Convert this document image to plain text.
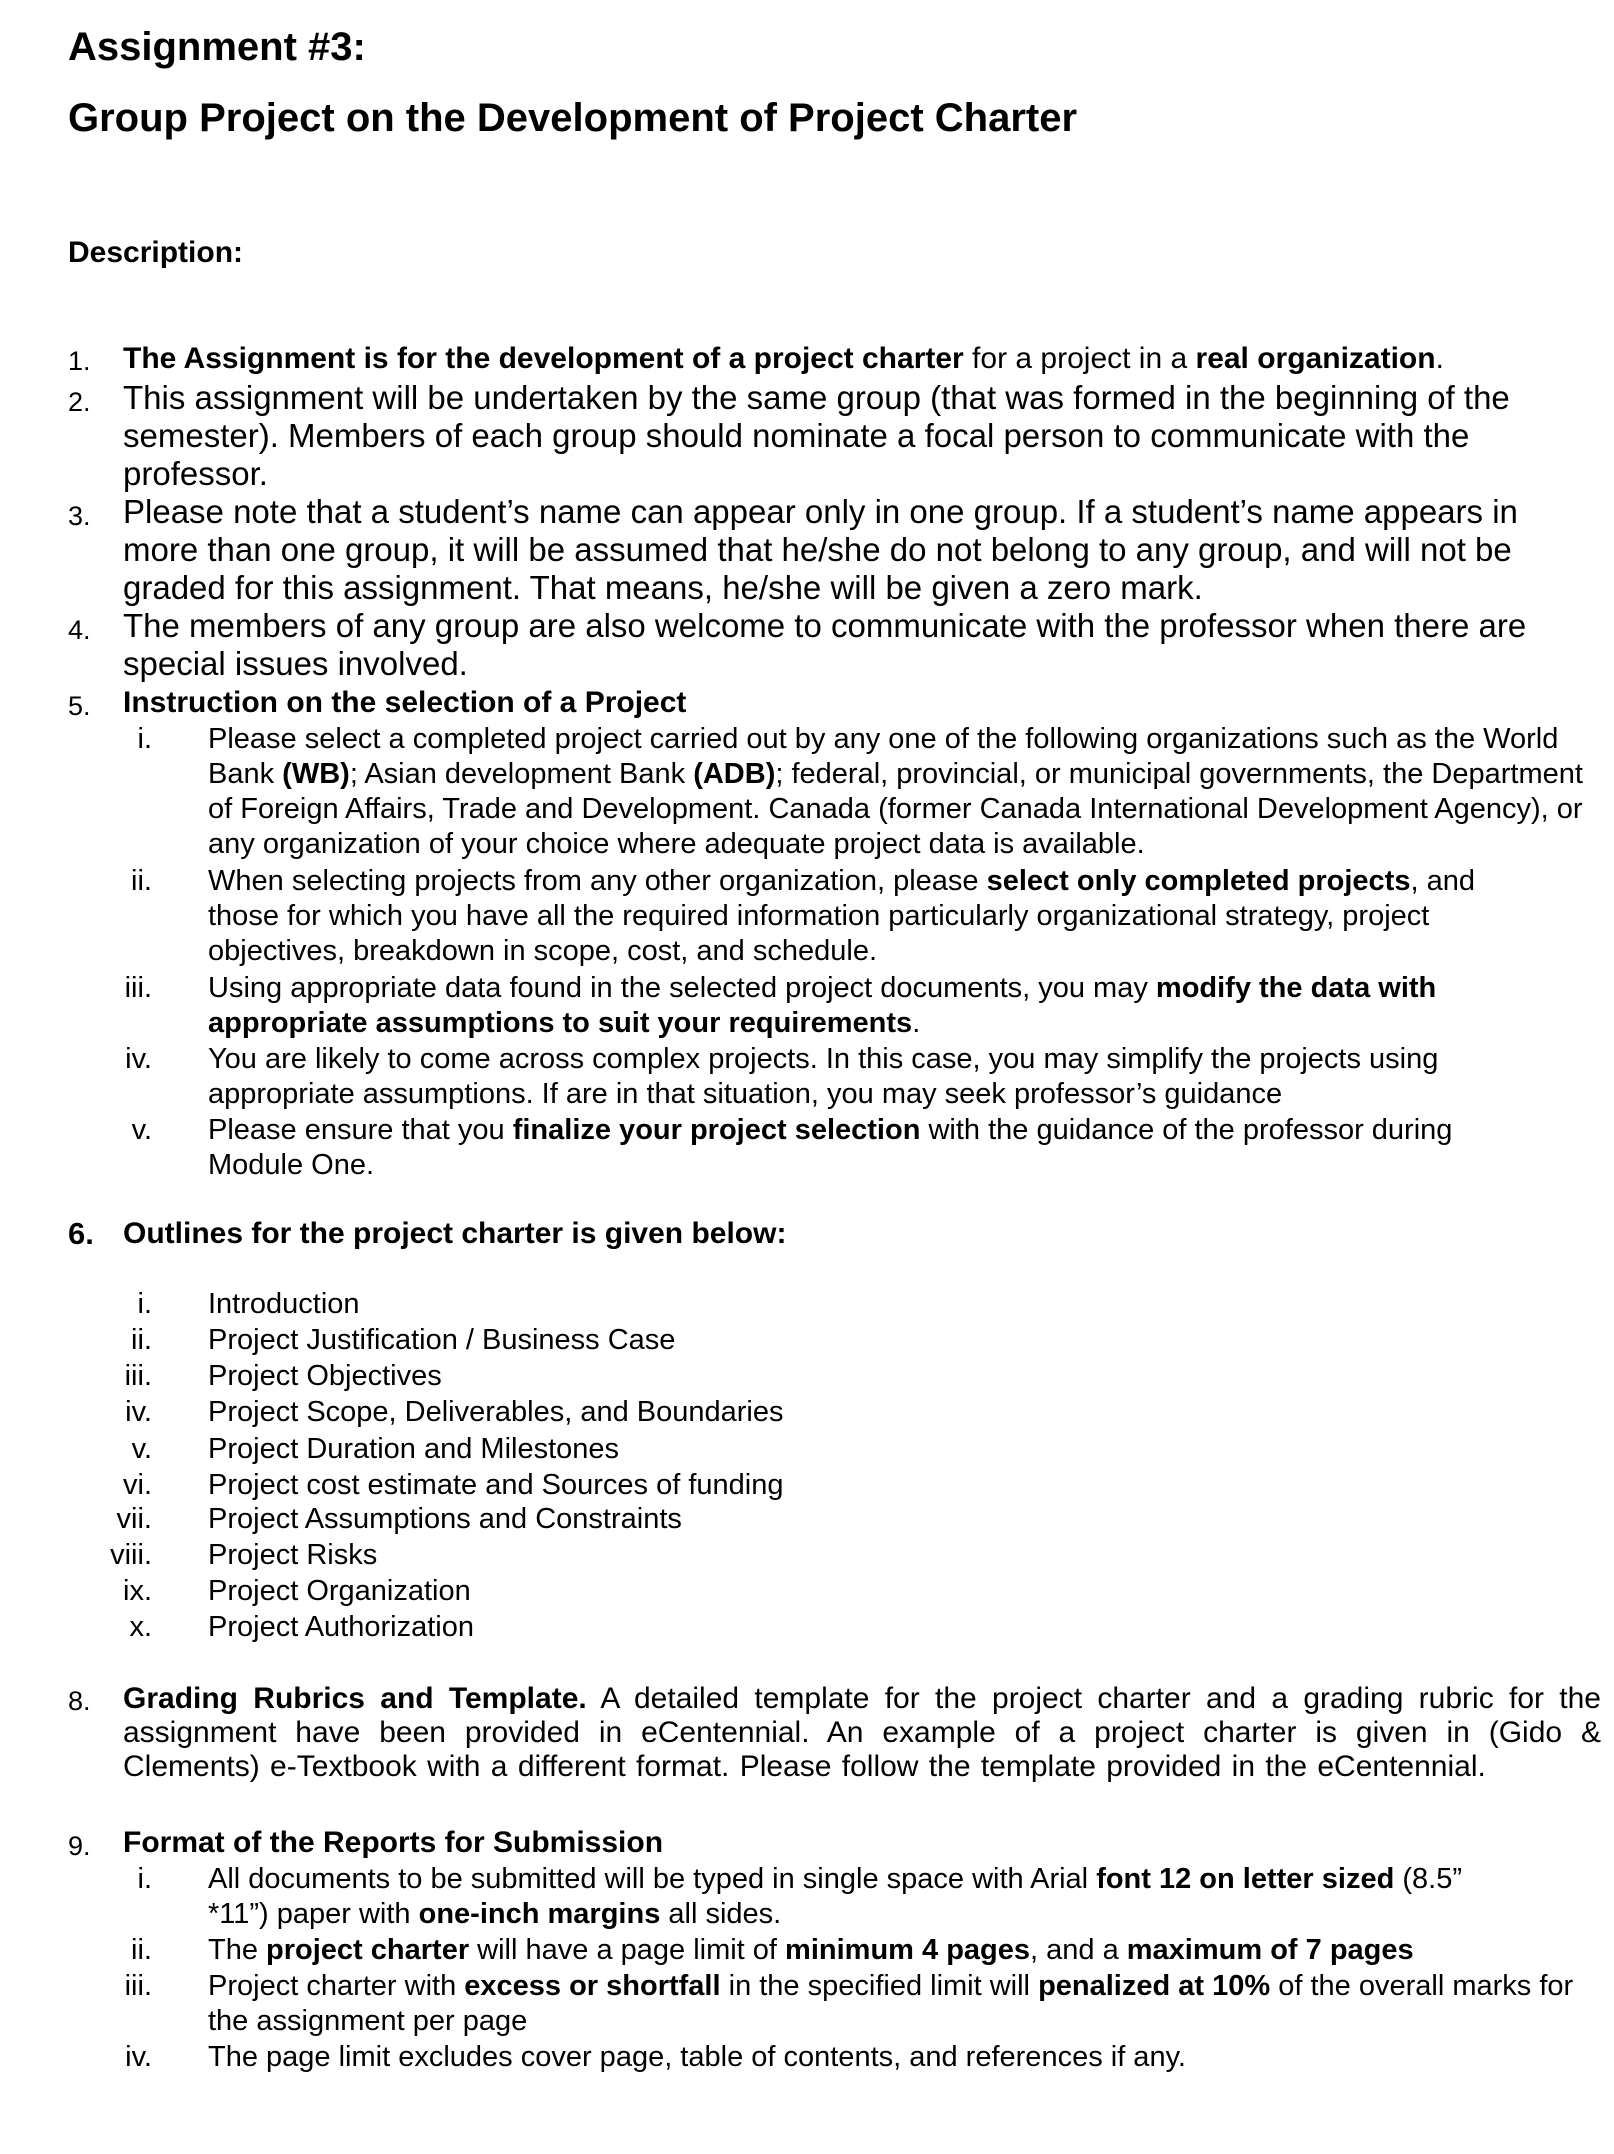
Assignment #3:
Group Project on the Development of Project Charter
Description:
1.	The Assignment is for the development of a project charter for a project in a real organization.
2. This assignment will be undertaken by the same group (that was formed in the beginning of the semester). Members of each group should nominate a focal person to communicate with the professor.
3. Please note that a student’s name can appear only in one group. If a student’s name appears in more than one group, it will be assumed that he/she do not belong to any group, and will not be graded for this assignment. That means, he/she will be given a zero mark.
4. The members of any group are also welcome to communicate with the professor when there are special issues involved.
5.	Instruction on the selection of a Project
i. Please select a completed project carried out by any one of the following organizations such as the World Bank (WB); Asian development Bank (ADB); federal, provincial, or municipal governments, the Department of Foreign Affairs, Trade and Development. Canada (former Canada International Development Agency), or any organization of your choice where adequate project data is available.
ii. When selecting projects from any other organization, please select only completed projects, and those for which you have all the required information particularly organizational strategy, project objectives, breakdown in scope, cost, and schedule.
iii. Using appropriate data found in the selected project documents, you may modify the data with appropriate assumptions to suit your requirements.
iv. You are likely to come across complex projects. In this case, you may simplify the projects using appropriate assumptions. If are in that situation, you may seek professor’s guidance
v. Please ensure that you finalize your project selection with the guidance of the professor during Module One.
6. Outlines for the project charter is given below:
i. Introduction
ii. Project Justification / Business Case
iii. Project Objectives
iv. Project Scope, Deliverables, and Boundaries
v. Project Duration and Milestones
vi. Project cost estimate and Sources of funding
vii. Project Assumptions and Constraints
viii. Project Risks
ix. Project Organization
x. Project Authorization
8.	Grading Rubrics and Template. A detailed template for the project charter and a grading rubric for the assignment have been provided in eCentennial. An example of a project charter is given in (Gido & Clements) e-Textbook with a different format. Please follow the template provided in the eCentennial.
9.	Format of the Reports for Submission
i. All documents to be submitted will be typed in single space with Arial font 12 on letter sized (8.5” *11”) paper with one-inch margins all sides.
ii. The project charter will have a page limit of minimum 4 pages, and a maximum of 7 pages
iii. Project charter with excess or shortfall in the specified limit will penalized at 10% of the overall marks for the assignment per page
iv. The page limit excludes cover page, table of contents, and references if any.
